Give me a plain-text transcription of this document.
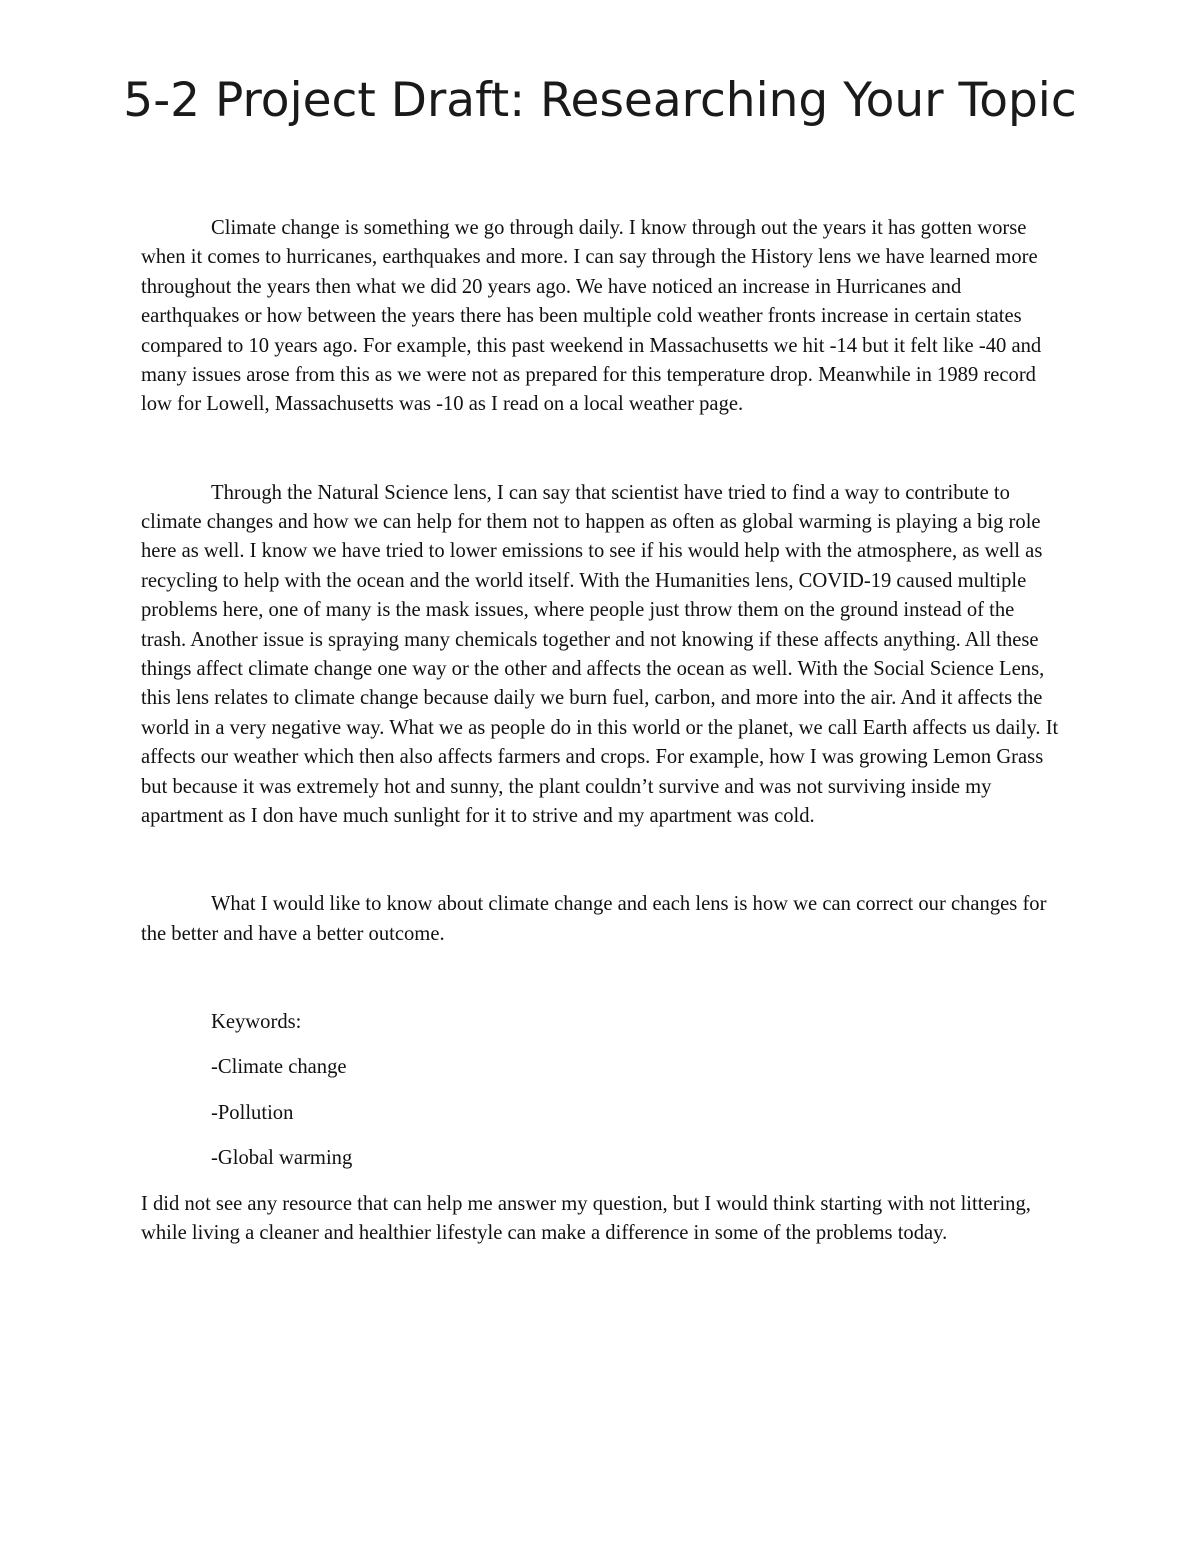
5-2 Project Draft: Researching Your Topic

Climate change is something we go through daily. I know through out the years it has gotten worse when it comes to hurricanes, earthquakes and more. I can say through the History lens we have learned more throughout the years then what we did 20 years ago. We have noticed an increase in Hurricanes and earthquakes or how between the years there has been multiple cold weather fronts increase in certain states compared to 10 years ago. For example, this past weekend in Massachusetts we hit -14 but it felt like -40 and many issues arose from this as we were not as prepared for this temperature drop. Meanwhile in 1989 record low for Lowell, Massachusetts was -10 as I read on a local weather page.

Through the Natural Science lens, I can say that scientist have tried to find a way to contribute to climate changes and how we can help for them not to happen as often as global warming is playing a big role here as well. I know we have tried to lower emissions to see if his would help with the atmosphere, as well as recycling to help with the ocean and the world itself. With the Humanities lens, COVID-19 caused multiple problems here, one of many is the mask issues, where people just throw them on the ground instead of the trash. Another issue is spraying many chemicals together and not knowing if these affects anything. All these things affect climate change one way or the other and affects the ocean as well. With the Social Science Lens, this lens relates to climate change because daily we burn fuel, carbon, and more into the air. And it affects the world in a very negative way. What we as people do in this world or the planet, we call Earth affects us daily. It affects our weather which then also affects farmers and crops. For example, how I was growing Lemon Grass but because it was extremely hot and sunny, the plant couldn’t survive and was not surviving inside my apartment as I don have much sunlight for it to strive and my apartment was cold.

What I would like to know about climate change and each lens is how we can correct our changes for the better and have a better outcome.

Keywords:

-Climate change

-Pollution

-Global warming

I did not see any resource that can help me answer my question, but I would think starting with not littering, while living a cleaner and healthier lifestyle can make a difference in some of the problems today.
